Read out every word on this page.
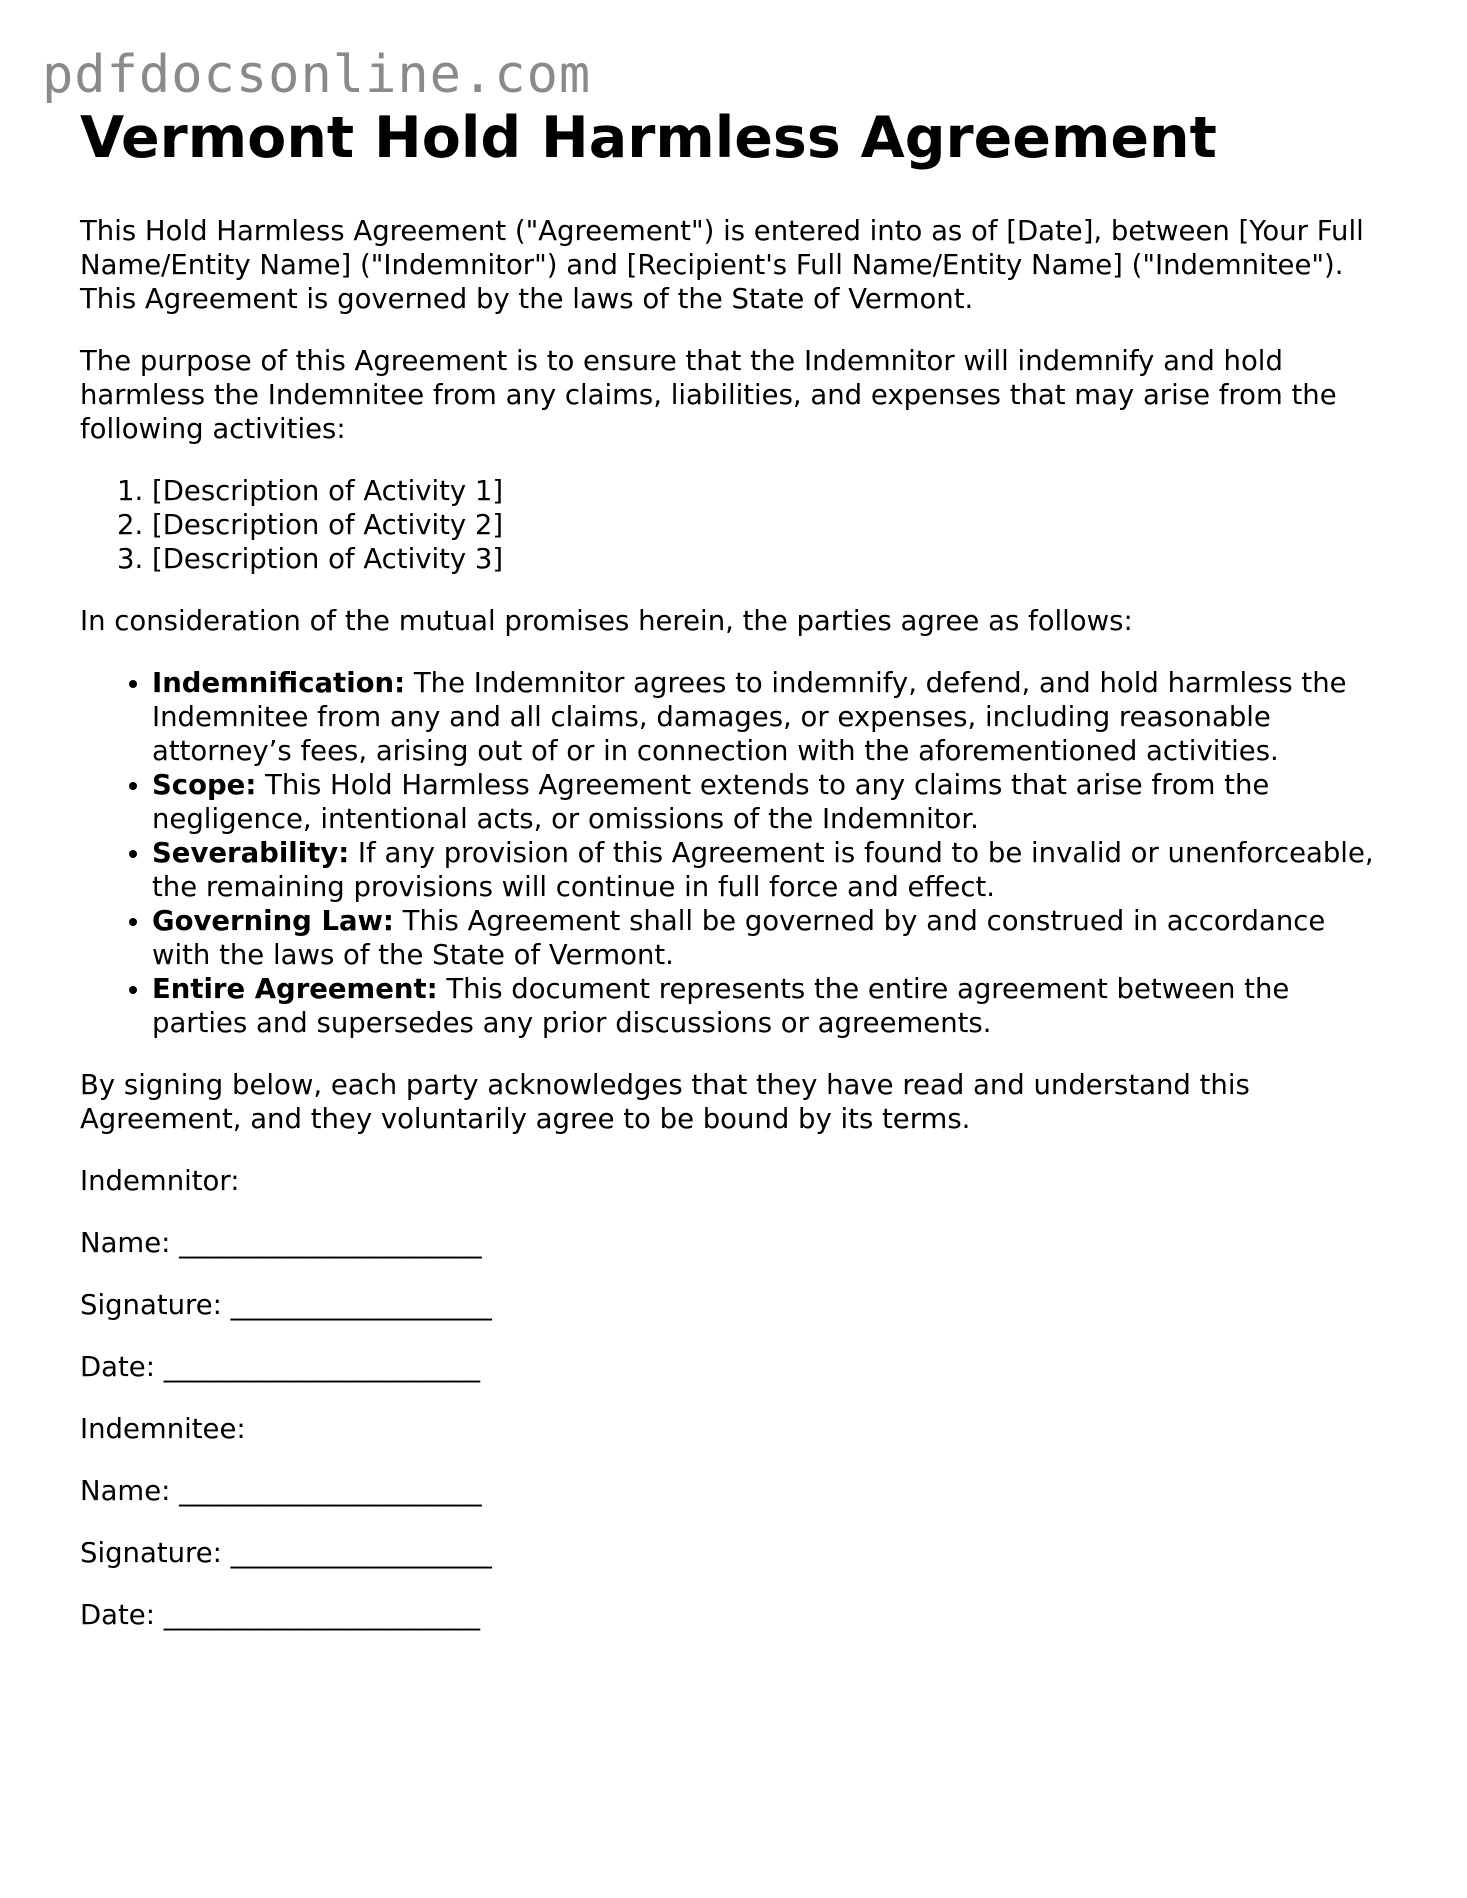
pdfdocsonline.com
Vermont Hold Harmless Agreement

This Hold Harmless Agreement ("Agreement") is entered into as of [Date], between [Your Full Name/Entity Name] ("Indemnitor") and [Recipient's Full Name/Entity Name] ("Indemnitee"). This Agreement is governed by the laws of the State of Vermont.

The purpose of this Agreement is to ensure that the Indemnitor will indemnify and hold harmless the Indemnitee from any claims, liabilities, and expenses that may arise from the following activities:

1. [Description of Activity 1]
2. [Description of Activity 2]
3. [Description of Activity 3]

In consideration of the mutual promises herein, the parties agree as follows:

• Indemnification: The Indemnitor agrees to indemnify, defend, and hold harmless the Indemnitee from any and all claims, damages, or expenses, including reasonable attorney’s fees, arising out of or in connection with the aforementioned activities.
• Scope: This Hold Harmless Agreement extends to any claims that arise from the negligence, intentional acts, or omissions of the Indemnitor.
• Severability: If any provision of this Agreement is found to be invalid or unenforceable, the remaining provisions will continue in full force and effect.
• Governing Law: This Agreement shall be governed by and construed in accordance with the laws of the State of Vermont.
• Entire Agreement: This document represents the entire agreement between the parties and supersedes any prior discussions or agreements.

By signing below, each party acknowledges that they have read and understand this Agreement, and they voluntarily agree to be bound by its terms.

Indemnitor:

Name: ______________________

Signature: ___________________

Date: _______________________

Indemnitee:

Name: ______________________

Signature: ___________________

Date: _______________________
